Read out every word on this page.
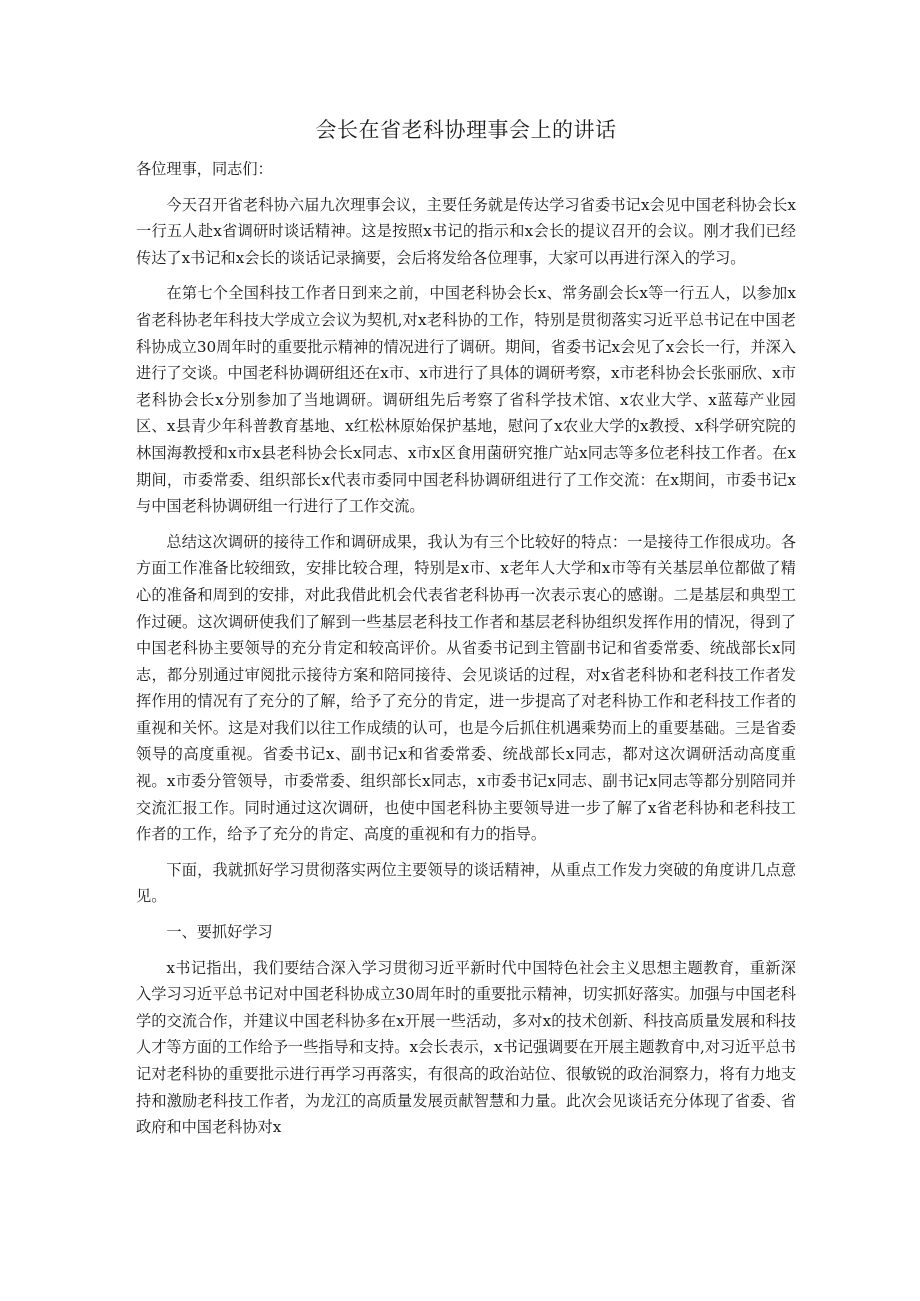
会长在省老科协理事会上的讲话

各位理事，同志们：

今天召开省老科协六届九次理事会议，主要任务就是传达学习省委书记x会见中国老科协会长x一行五人赴x省调研时谈话精神。这是按照x书记的指示和x会长的提议召开的会议。刚才我们已经传达了x书记和x会长的谈话记录摘要，会后将发给各位理事，大家可以再进行深入的学习。

在第七个全国科技工作者日到来之前，中国老科协会长x、常务副会长x等一行五人，以参加x省老科协老年科技大学成立会议为契机,对x老科协的工作，特别是贯彻落实习近平总书记在中国老科协成立30周年时的重要批示精神的情况进行了调研。期间，省委书记x会见了x会长一行，并深入进行了交谈。中国老科协调研组还在x市、x市进行了具体的调研考察，x市老科协会长张丽欣、x市老科协会长x分别参加了当地调研。调研组先后考察了省科学技术馆、x农业大学、x蓝莓产业园区、x县青少年科普教育基地、x红松林原始保护基地，慰问了x农业大学的x教授、x科学研究院的林国海教授和x市x县老科协会长x同志、x市x区食用菌研究推广站x同志等多位老科技工作者。在x期间，市委常委、组织部长x代表市委同中国老科协调研组进行了工作交流：在x期间，市委书记x与中国老科协调研组一行进行了工作交流。

总结这次调研的接待工作和调研成果，我认为有三个比较好的特点：一是接待工作很成功。各方面工作准备比较细致，安排比较合理，特别是x市、x老年人大学和x市等有关基层单位都做了精心的准备和周到的安排，对此我借此机会代表省老科协再一次表示衷心的感谢。二是基层和典型工作过硬。这次调研使我们了解到一些基层老科技工作者和基层老科协组织发挥作用的情况，得到了中国老科协主要领导的充分肯定和较高评价。从省委书记到主管副书记和省委常委、统战部长x同志，都分别通过审阅批示接待方案和陪同接待、会见谈话的过程，对x省老科协和老科技工作者发挥作用的情况有了充分的了解，给予了充分的肯定，进一步提高了对老科协工作和老科技工作者的重视和关怀。这是对我们以往工作成绩的认可，也是今后抓住机遇乘势而上的重要基础。三是省委领导的高度重视。省委书记x、副书记x和省委常委、统战部长x同志，都对这次调研活动高度重视。x市委分管领导，市委常委、组织部长x同志，x市委书记x同志、副书记x同志等都分别陪同并交流汇报工作。同时通过这次调研，也使中国老科协主要领导进一步了解了x省老科协和老科技工作者的工作，给予了充分的肯定、高度的重视和有力的指导。

下面，我就抓好学习贯彻落实两位主要领导的谈话精神，从重点工作发力突破的角度讲几点意见。

一、要抓好学习

x书记指出，我们要结合深入学习贯彻习近平新时代中国特色社会主义思想主题教育，重新深入学习习近平总书记对中国老科协成立30周年时的重要批示精神，切实抓好落实。加强与中国老科学的交流合作，并建议中国老科协多在x开展一些活动，多对x的技术创新、科技高质量发展和科技人才等方面的工作给予一些指导和支持。x会长表示，x书记强调要在开展主题教育中,对习近平总书记对老科协的重要批示进行再学习再落实，有很高的政治站位、很敏锐的政治洞察力，将有力地支持和激励老科技工作者，为龙江的高质量发展贡献智慧和力量。此次会见谈话充分体现了省委、省政府和中国老科协对x
